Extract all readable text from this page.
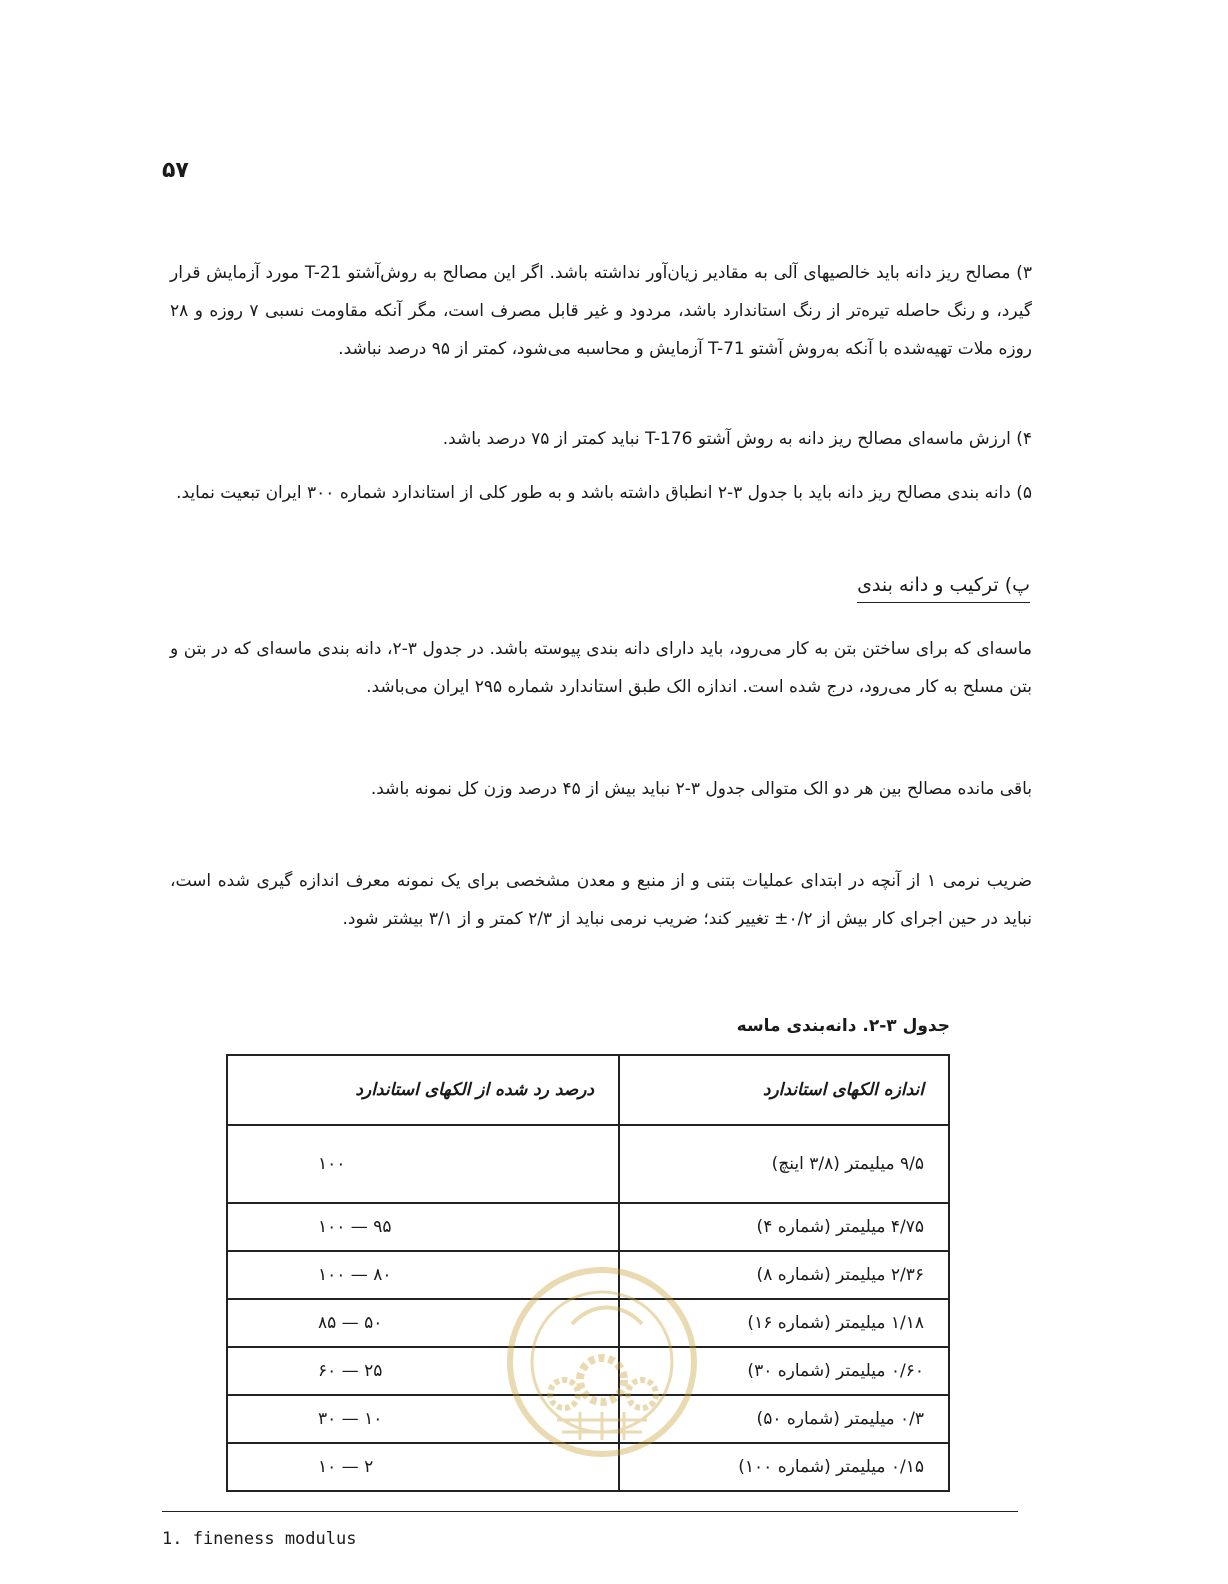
۵۷

۳) مصالح ریز دانه باید خالصیهای آلی به مقادیر زیان‌آور نداشته باشد. اگر این مصالح به روش‌آشتو T-21 مورد آزمایش قرار گیرد، و رنگ حاصله تیره‌تر از رنگ استاندارد باشد، مردود و غیر قابل مصرف است، مگر آنکه مقاومت نسبی ۷ روزه و ۲۸ روزه ملات تهیه‌شده با آنکه به‌روش آشتو T-71 آزمایش و محاسبه می‌شود، کمتر از ۹۵ درصد نباشد.

۴) ارزش ماسه‌ای مصالح ریز دانه به روش آشتو T-176 نباید کمتر از ۷۵ درصد باشد.

۵) دانه بندی مصالح ریز دانه باید با جدول ۳-۲ انطباق داشته باشد و به طور کلی از استاندارد شماره ۳۰۰ ایران تبعیت نماید.

پ) ترکیب و دانه بندی

ماسه‌ای که برای ساختن بتن به کار می‌رود، باید دارای دانه بندی پیوسته باشد. در جدول ۳-۲، دانه بندی ماسه‌ای که در بتن و بتن مسلح به کار می‌رود، درج شده است. اندازه الک طبق استاندارد شماره ۲۹۵ ایران می‌باشد.

باقی مانده مصالح بین هر دو الک متوالی جدول ۳-۲ نباید بیش از ۴۵ درصد وزن کل نمونه باشد.

ضریب نرمی ۱ از آنچه در ابتدای عملیات بتنی و از منبع و معدن مشخصی برای یک نمونه معرف اندازه گیری شده است، نباید در حین اجرای کار بیش از ۰/۲± تغییر کند؛ ضریب نرمی نباید از ۲/۳ کمتر و از ۳/۱ بیشتر شود.

جدول ۳-۲. دانه‌بندی ماسه
اندازه الکهای استاندارد	درصد رد شده از الکهای استاندارد
۹/۵ میلیمتر (۳/۸ اینچ)	۱۰۰
۴/۷۵ میلیمتر (شماره ۴)	۹۵ — ۱۰۰
۲/۳۶ میلیمتر (شماره ۸)	۸۰ — ۱۰۰
۱/۱۸ میلیمتر (شماره ۱۶)	۵۰ — ۸۵
۰/۶۰ میلیمتر (شماره ۳۰)	۲۵ — ۶۰
۰/۳ میلیمتر (شماره ۵۰)	۱۰ — ۳۰
۰/۱۵ میلیمتر (شماره ۱۰۰)	۲ — ۱۰
1. fineness modulus
